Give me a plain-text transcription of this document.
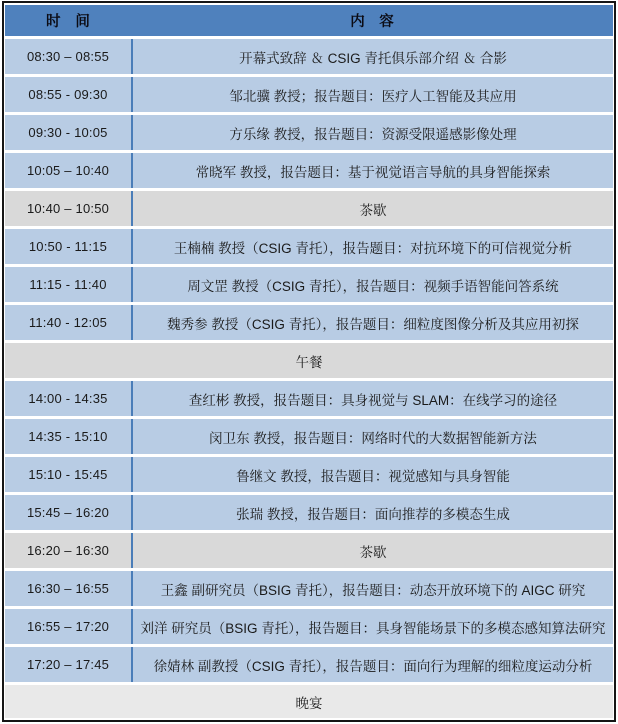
时　间	内　容
08:30 – 08:55	开幕式致辞 ＆ CSIG 青托俱乐部介绍 ＆ 合影
08:55 - 09:30	邹北骥 教授；报告题目：医疗人工智能及其应用
09:30 - 10:05	方乐缘 教授，报告题目：资源受限遥感影像处理
10:05 – 10:40	常晓军 教授，报告题目：基于视觉语言导航的具身智能探索
10:40 – 10:50	茶歇
10:50 - 11:15	王楠楠 教授（CSIG 青托），报告题目：对抗环境下的可信视觉分析
11:15 - 11:40	周文罡 教授（CSIG 青托），报告题目：视频手语智能问答系统
11:40 - 12:05	魏秀参 教授（CSIG 青托），报告题目：细粒度图像分析及其应用初探
午餐
14:00 - 14:35	查红彬 教授，报告题目：具身视觉与 SLAM：在线学习的途径
14:35 - 15:10	闵卫东 教授，报告题目：网络时代的大数据智能新方法
15:10 - 15:45	鲁继文 教授，报告题目：视觉感知与具身智能
15:45 – 16:20	张瑞 教授，报告题目：面向推荐的多模态生成
16:20 – 16:30	茶歇
16:30 – 16:55	王鑫 副研究员（BSIG 青托），报告题目：动态开放环境下的 AIGC 研究
16:55 – 17:20	刘洋 研究员（BSIG 青托），报告题目：具身智能场景下的多模态感知算法研究
17:20 – 17:45	徐婧林 副教授（CSIG 青托），报告题目：面向行为理解的细粒度运动分析
晚宴
